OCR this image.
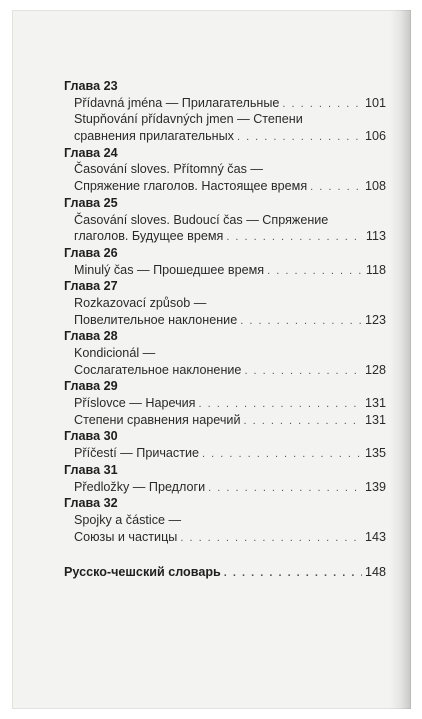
Глава 23
Přídavná jména — Прилагательные . . .	101
Stupňování přídavných jmen — Степени
сравнения прилагательных . . .	106
Глава 24
Časování sloves. Přítomný čas —
Спряжение глаголов. Настоящее время . . .	108
Глава 25
Časování sloves. Budoucí čas — Спряжение
глаголов. Будущее время . . .	113
Глава 26
Minulý čas — Прошедшее время . . .	118
Глава 27
Rozkazovací způsob —
Повелительное наклонение . . .	123
Глава 28
Kondicionál —
Сослагательное наклонение . . .	128
Глава 29
Příslovce — Наречия . . .	131
Степени сравнения наречий . . .	131
Глава 30
Příčestí — Причастие . . .	135
Глава 31
Předložky — Предлоги . . .	139
Глава 32
Spojky a částice —
Союзы и частицы . . .	143
Русско-чешский словарь . . .	148
